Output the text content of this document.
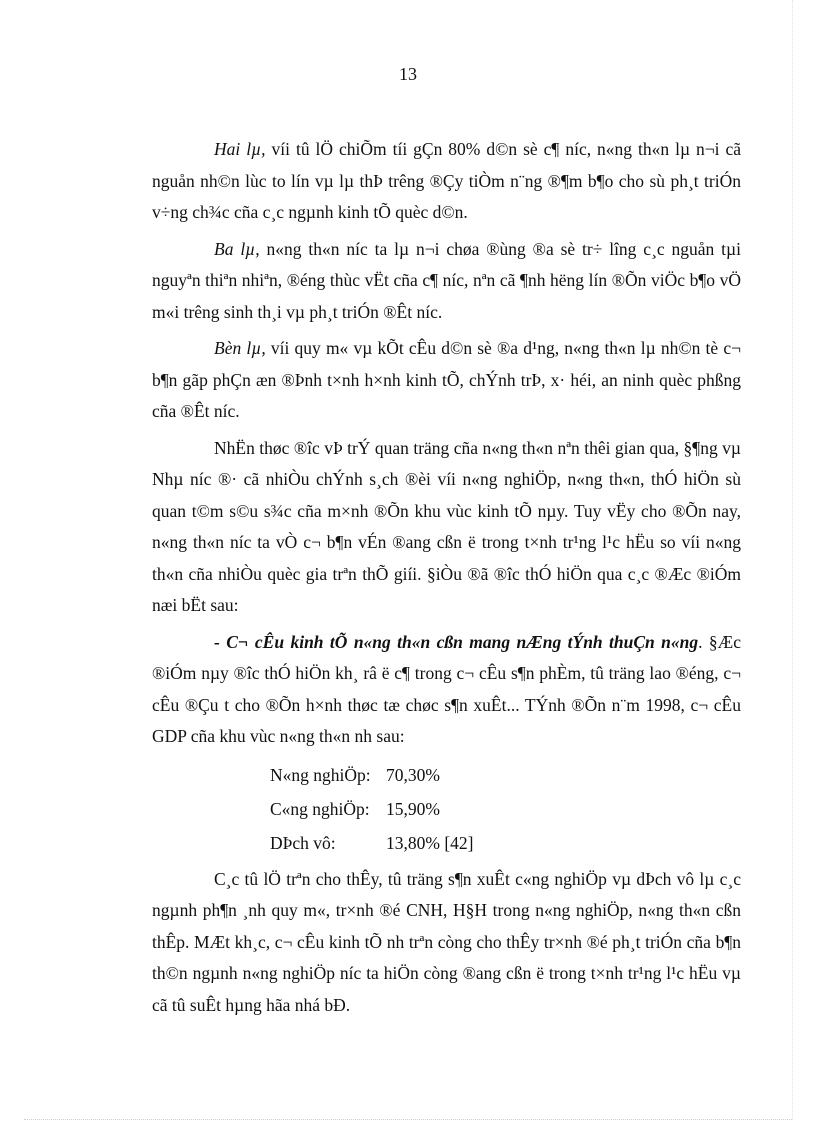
13

Hai lµ, víi tû lÖ chiÕm tíi gÇn 80% d©n sè c¶ níc, n«ng th«n lµ n¬i cã nguån nh©n lùc to lín vµ lµ thÞ trêng ®Çy tiÒm n¨ng ®¶m b¶o cho sù ph¸t triÓn v÷ng ch¾c cña c¸c ngµnh kinh tÕ quèc d©n.

Ba lµ, n«ng th«n níc ta lµ n¬i chøa ®ùng ®a sè tr÷ lîng c¸c nguån tµi nguyªn thiªn nhiªn, ®éng thùc vËt cña c¶ níc, nªn cã ¶nh hëng lín ®Õn viÖc b¶o vÖ m«i trêng sinh th¸i vµ ph¸t triÓn ®Êt níc.

Bèn lµ, víi quy m« vµ kÕt cÊu d©n sè ®a d¹ng, n«ng th«n lµ nh©n tè c¬ b¶n gãp phÇn æn ®Þnh t×nh h×nh kinh tÕ, chÝnh trÞ, x· héi, an ninh quèc phßng cña ®Êt níc.

NhËn thøc ®îc vÞ trÝ quan träng cña n«ng th«n nªn thêi gian qua, §¶ng vµ Nhµ níc ®· cã nhiÒu chÝnh s¸ch ®èi víi n«ng nghiÖp, n«ng th«n, thÓ hiÖn sù quan t©m s©u s¾c cña m×nh ®Õn khu vùc kinh tÕ nµy. Tuy vËy cho ®Õn nay, n«ng th«n níc ta vÒ c¬ b¶n vÉn ®ang cßn ë trong t×nh tr¹ng l¹c hËu so víi n«ng th«n cña nhiÒu quèc gia trªn thÕ giíi. §iÒu ®ã ®îc thÓ hiÖn qua c¸c ®Æc ®iÓm næi bËt sau:

- C¬ cÊu kinh tÕ n«ng th«n cßn mang nÆng tÝnh thuÇn n«ng. §Æc ®iÓm nµy ®îc thÓ hiÖn kh¸ râ ë c¶ trong c¬ cÊu s¶n phÈm, tû träng lao ®éng, c¬ cÊu ®Çu t cho ®Õn h×nh thøc tæ chøc s¶n xuÊt... TÝnh ®Õn n¨m 1998, c¬ cÊu GDP cña khu vùc n«ng th«n nh sau:

N«ng nghiÖp: 70,30%
C«ng nghiÖp: 15,90%
DÞch vô:	13,80% [42]

C¸c tû lÖ trªn cho thÊy, tû träng s¶n xuÊt c«ng nghiÖp vµ dÞch vô lµ c¸c ngµnh ph¶n ¸nh quy m«, tr×nh ®é CNH, H§H trong n«ng nghiÖp, n«ng th«n cßn thÊp. MÆt kh¸c, c¬ cÊu kinh tÕ nh trªn còng cho thÊy tr×nh ®é ph¸t triÓn cña b¶n th©n ngµnh n«ng nghiÖp níc ta hiÖn còng ®ang cßn ë trong t×nh tr¹ng l¹c hËu vµ cã tû suÊt hµng hãa nhá bÐ.
